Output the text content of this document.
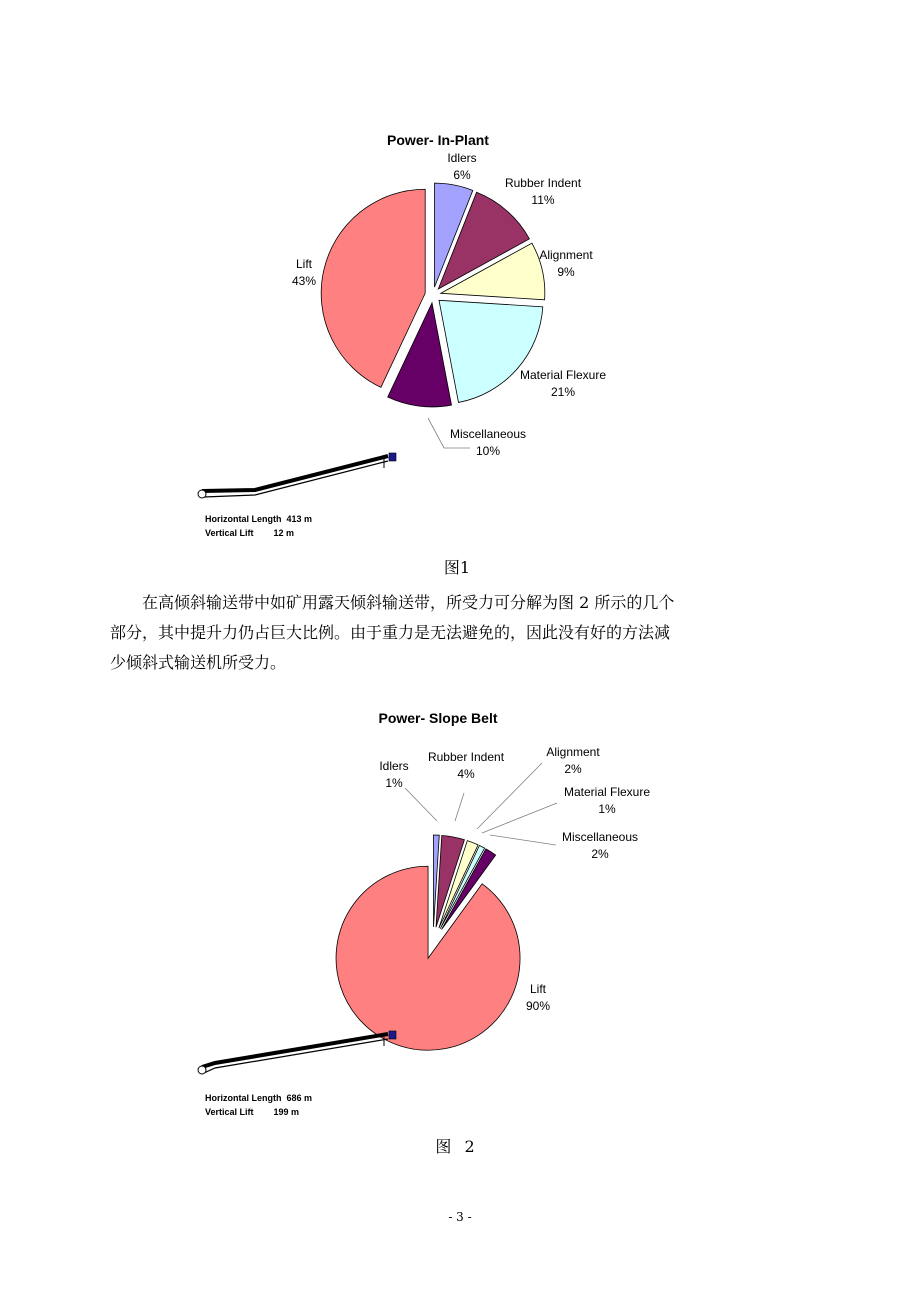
Power- In-Plant
Idlers
6%
Rubber Indent
11%
Alignment
9%
Material Flexure
21%
Miscellaneous
10%
Lift
43%
Horizontal Length  413 m
Vertical Lift        12 m
图1
在高倾斜输送带中如矿用露天倾斜输送带，所受力可分解为图 2 所示的几个
部分，其中提升力仍占巨大比例。由于重力是无法避免的，因此没有好的方法减
少倾斜式输送机所受力。
Power- Slope Belt
Idlers
1%
Rubber Indent
4%
Alignment
2%
Material Flexure
1%
Miscellaneous
2%
Lift
90%
Horizontal Length  686 m
Vertical Lift        199 m
图 2
- 3 -
